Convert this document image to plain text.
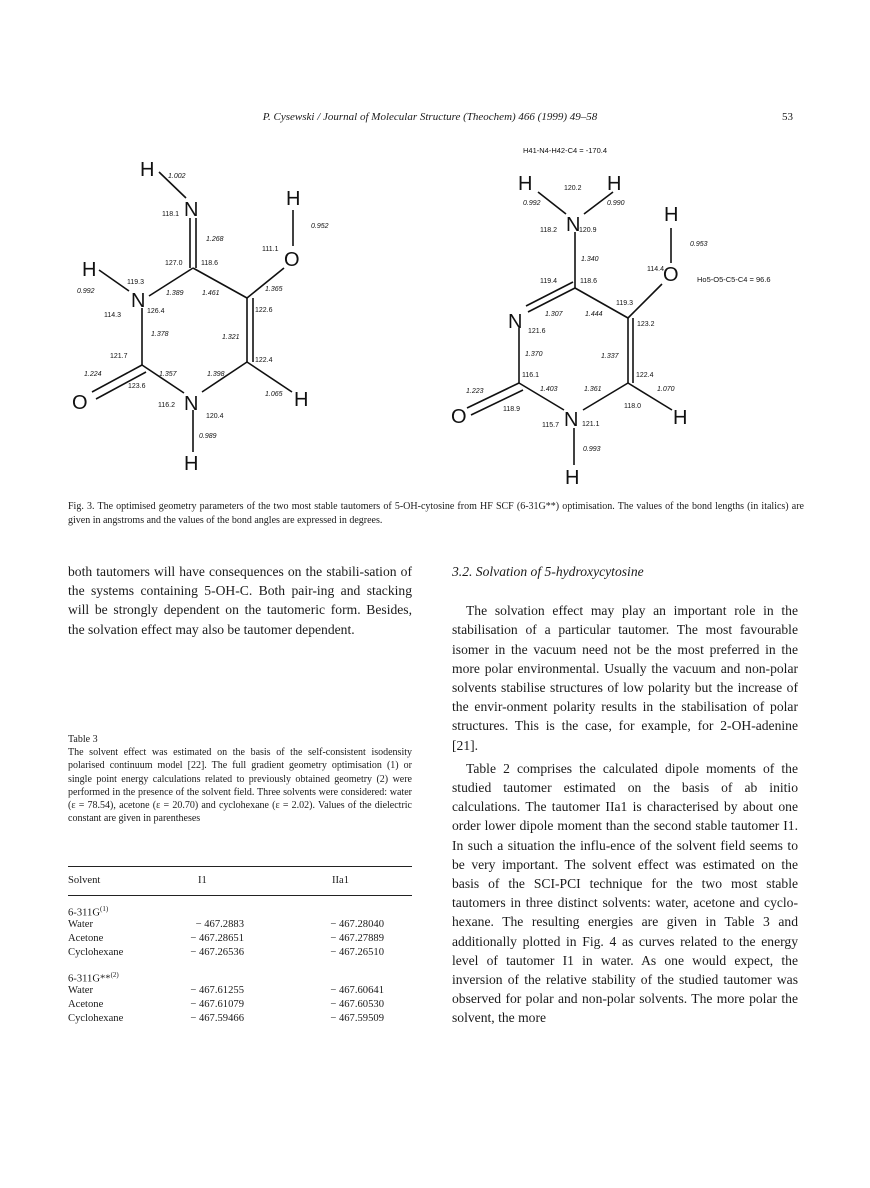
P. Cysewski / Journal of Molecular Structure (Theochem) 466 (1999) 49–58	53
H
N	H
O
H
N
O	N	H
H
1.002
0.952
1.268
0.992	1.389	1.461
1.365
1.378	1.321
1.224	1.357	1.398
1.065
0.989
118.1
111.1
127.0	118.6
119.3
114.3
126.4	122.6
121.7
122.4
123.6
116.2
120.4
H41-N4-H42-C4 = -170.4
Ho5-O5-C5-C4 = 96.6
H	H
N	H
O
N
O	N	H
H
0.992	0.990
0.953
1.340
1.307	1.444
1.370	1.337
1.223	1.403	1.361	1.070
0.993
120.2
118.2	120.9
114.4
119.4	118.6
119.3
121.6
123.2
116.1	122.4
118.9	118.0
115.7	121.1
Fig. 3. The optimised geometry parameters of the two most stable tautomers of 5-OH-cytosine from HF SCF (6-31G**) optimisation. The values of the bond lengths (in italics) are given in angstroms and the values of the bond angles are expressed in degrees.

both tautomers will have consequences on the stabili-sation of the systems containing 5-OH-C. Both pair-ing and stacking will be strongly dependent on the tautomeric form. Besides, the solvation effect may also be tautomer dependent.

Table 3
The solvent effect was estimated on the basis of the self-consistent isodensity polarised continuum model [22]. The full gradient geometry optimisation (1) or single point energy calculations related to previously obtained geometry (2) were performed in the presence of the solvent field. Three solvents were considered: water (ε = 78.54), acetone (ε = 20.70) and cyclohexane (ε = 2.02). Values of the dielectric constant are given in parentheses
Solvent	I1	IIa1
$6-311G^{(1)}$
Water	− 467.2883	− 467.28040
Acetone	− 467.28651	− 467.27889
Cyclohexane	− 467.26536	− 467.26510
6-311G**$^{(2)}$
Water	− 467.61255	− 467.60641
Acetone	− 467.61079	− 467.60530
Cyclohexane	− 467.59466	− 467.59509
3.2. Solvation of 5-hydroxycytosine

The solvation effect may play an important role in the stabilisation of a particular tautomer. The most favourable isomer in the vacuum need not be the most preferred in the more polar environmental. Usually the vacuum and non-polar solvents stabilise structures of low polarity but the increase of the envir-onment polarity results in the stabilisation of polar structures. This is the case, for example, for 2-OH-adenine [21].

Table 2 comprises the calculated dipole moments of the studied tautomer estimated on the basis of ab initio calculations. The tautomer IIa1 is characterised by about one order lower dipole moment than the second stable tautomer I1. In such a situation the influ-ence of the solvent field seems to be very important. The solvent effect was estimated on the basis of the SCI-PCI technique for the two most stable tautomers in three distinct solvents: water, acetone and cyclo-hexane. The resulting energies are given in Table 3 and additionally plotted in Fig. 4 as curves related to the energy level of tautomer I1 in water. As one would expect, the inversion of the relative stability of the studied tautomer was observed for polar and non-polar solvents. The more polar the solvent, the more
